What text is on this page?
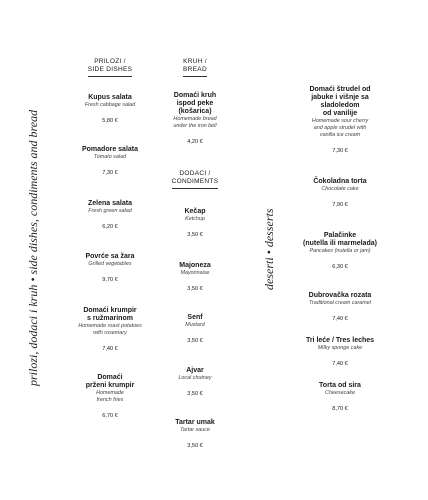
prilozi, dodaci i kruh • side dishes, condiments and bread	deserti • desserts
PRILOZI /
SIDE DISHES
Kupus salata
Fresh cabbage salad
5,80 €
Pomadore salata
Tomato salad
7,30 €
Zelena salata
Fresh green salad
6,20 €
Povrće sa žara
Grilled vegetables
9,70 €
Domaći krumpir
s ružmarinom
Homemade roast potatoes
with rosemary
7,40 €
Domaći
prženi krumpir
Homemade
french fries
6,70 €
KRUH /
BREAD
Domaći kruh
ispod peke
(košarica)
Homemade bread
under the iron bell
4,20 €
DODACI /
CONDIMENTS
Kečap
Ketchup
3,50 €
Majoneza
Mayonnaise
3,50 €
Senf
Mustard
3,50 €
Ajvar
Local chutney
3,50 €
Tartar umak
Tartar sauce
3,50 €
Domaći štrudel od
jabuke i višnje sa
sladoledom
od vanilije
Homemade sour cherry
and apple strudel with
vanilla ice cream
7,30 €
Čokoladna torta
Chocolate cake
7,90 €
Palačinke
(nutella ili marmelada)
Pancakes (nutella or jam)
6,30 €
Dubrovačka rozata
Traditional cream caramel
7,40 €
Tri leće / Tres leches
Milky sponge cake
7,40 €
Torta od sira
Cheesecake
8,70 €
